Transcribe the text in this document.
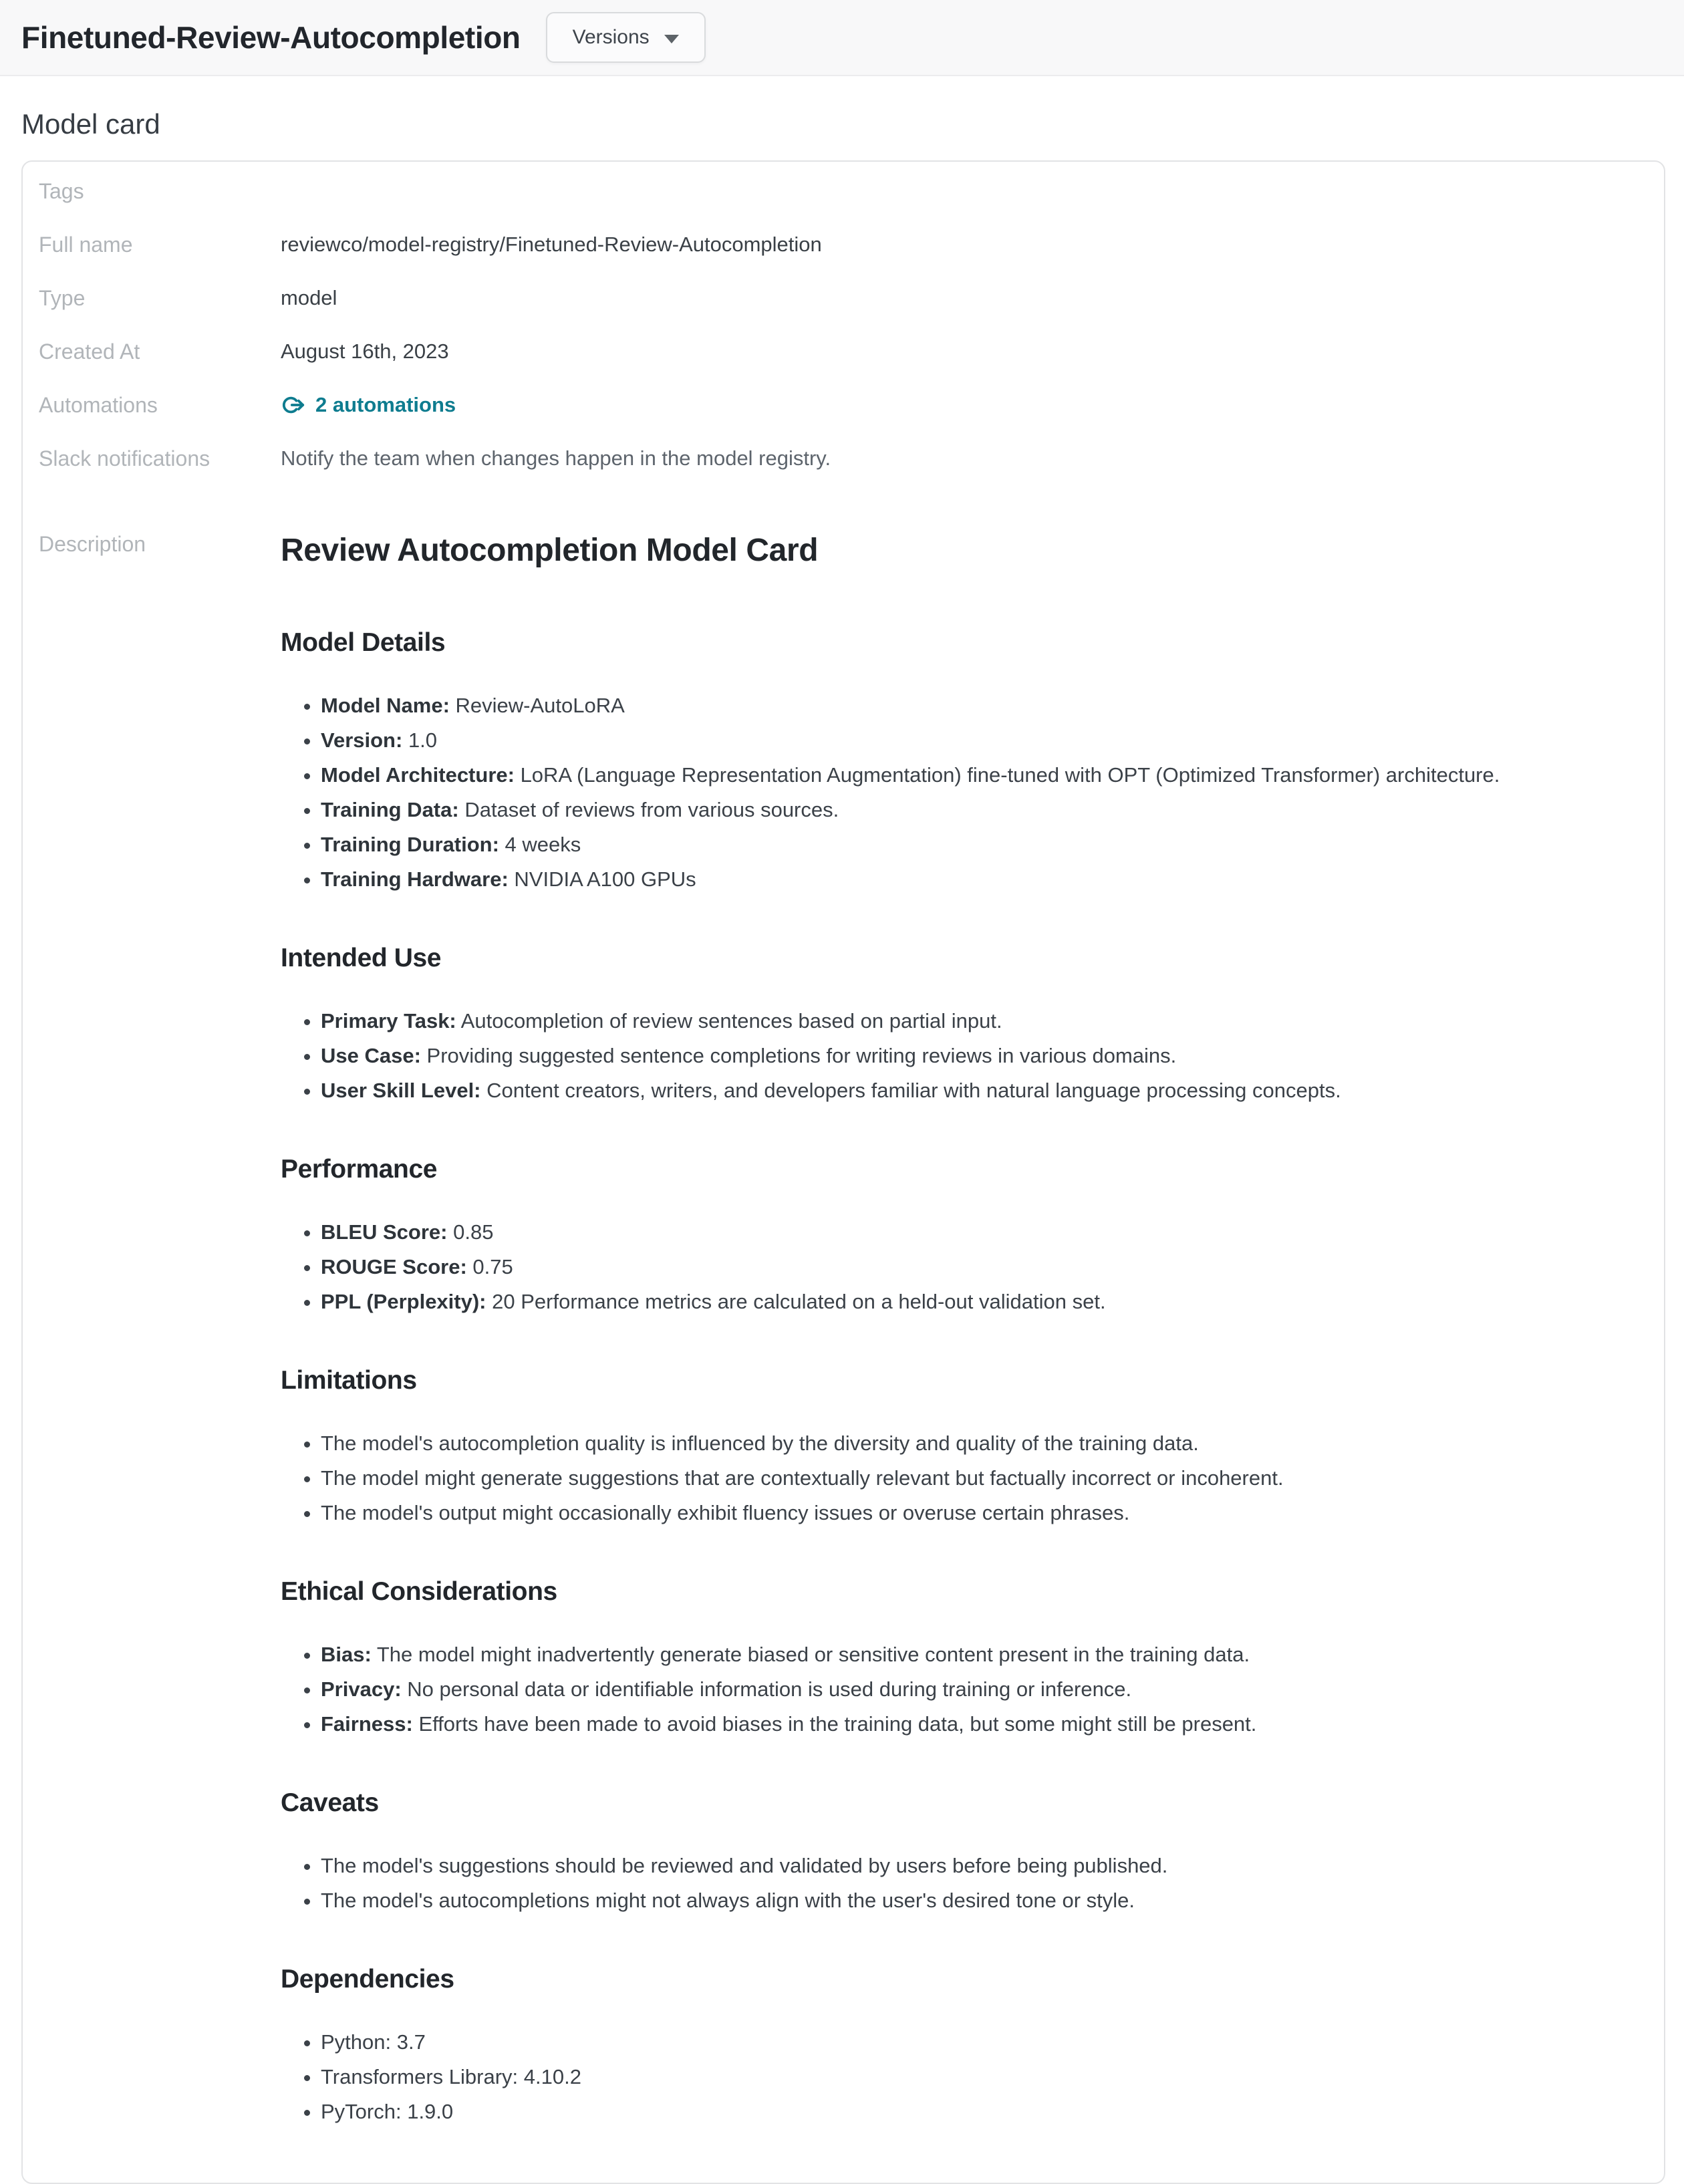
Finetuned-Review-Autocompletion	Versions
Model card
Tags
Full name	reviewco/model-registry/Finetuned-Review-Autocompletion
Type	model
Created At	August 16th, 2023
Automations	2 automations
Slack notifications	Notify the team when changes happen in the model registry.
Description	Review Autocompletion Model Card
Model Details
• Model Name: Review-AutoLoRA
• Version: 1.0
• Model Architecture: LoRA (Language Representation Augmentation) fine-tuned with OPT (Optimized Transformer) architecture.
• Training Data: Dataset of reviews from various sources.
• Training Duration: 4 weeks
• Training Hardware: NVIDIA A100 GPUs
Intended Use
• Primary Task: Autocompletion of review sentences based on partial input.
• Use Case: Providing suggested sentence completions for writing reviews in various domains.
• User Skill Level: Content creators, writers, and developers familiar with natural language processing concepts.
Performance
• BLEU Score: 0.85
• ROUGE Score: 0.75
• PPL (Perplexity): 20 Performance metrics are calculated on a held-out validation set.
Limitations
• The model's autocompletion quality is influenced by the diversity and quality of the training data.
• The model might generate suggestions that are contextually relevant but factually incorrect or incoherent.
• The model's output might occasionally exhibit fluency issues or overuse certain phrases.
Ethical Considerations
• Bias: The model might inadvertently generate biased or sensitive content present in the training data.
• Privacy: No personal data or identifiable information is used during training or inference.
• Fairness: Efforts have been made to avoid biases in the training data, but some might still be present.
Caveats
• The model's suggestions should be reviewed and validated by users before being published.
• The model's autocompletions might not always align with the user's desired tone or style.
Dependencies
• Python: 3.7
• Transformers Library: 4.10.2
• PyTorch: 1.9.0
